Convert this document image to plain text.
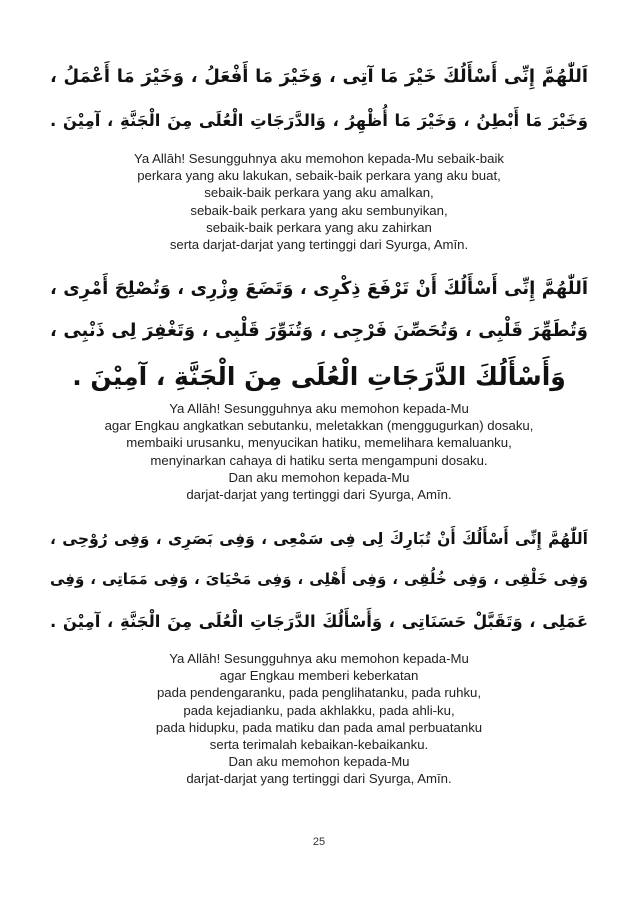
اَللّٰهُمَّ إِنِّى أَسْأَلُكَ خَيْرَ مَا آتِى ، وَخَيْرَ مَا أَفْعَلُ ، وَخَيْرَ مَا أَعْمَلُ ،
وَخَيْرَ مَا أَبْطِنُ ، وَخَيْرَ مَا أُظْهِرُ ، وَالدَّرَجَاتِ الْعُلَى مِنَ الْجَنَّةِ ، آمِيْنَ .
Ya Allāh! Sesungguhnya aku memohon kepada-Mu sebaik-baik
perkara yang aku lakukan, sebaik-baik perkara yang aku buat,
sebaik-baik perkara yang aku amalkan,
sebaik-baik perkara yang aku sembunyikan,
sebaik-baik perkara yang aku zahirkan
serta darjat-darjat yang tertinggi dari Syurga, Amīn.
اَللّٰهُمَّ إِنِّى أَسْأَلُكَ أَنْ تَرْفَعَ ذِكْرِى ، وَتَضَعَ وِزْرِى ، وَتُصْلِحَ أَمْرِى ،
وَتُطَهِّرَ قَلْبِى ، وَتُحَصِّنَ فَرْجِى ، وَتُنَوِّرَ قَلْبِى ، وَتَغْفِرَ لِى ذَنْبِى ،
وَأَسْأَلُكَ الدَّرَجَاتِ الْعُلَى مِنَ الْجَنَّةِ ، آمِيْنَ .
Ya Allāh! Sesungguhnya aku memohon kepada-Mu
agar Engkau angkatkan sebutanku, meletakkan (menggugurkan) dosaku,
membaiki urusanku, menyucikan hatiku, memelihara kemaluanku,
menyinarkan cahaya di hatiku serta mengampuni dosaku.
Dan aku memohon kepada-Mu
darjat-darjat yang tertinggi dari Syurga, Amīn.
اَللّٰهُمَّ إِنِّى أَسْأَلُكَ أَنْ تُبَارِكَ لِى فِى سَمْعِى ، وَفِى بَصَرِى ، وَفِى رُوْحِى ،
وَفِى خَلْقِى ، وَفِى خُلُقِى ، وَفِى أَهْلِى ، وَفِى مَحْيَاىَ ، وَفِى مَمَاتِى ، وَفِى
عَمَلِى ، وَتَقَبَّلْ حَسَنَاتِى ، وَأَسْأَلُكَ الدَّرَجَاتِ الْعُلَى مِنَ الْجَنَّةِ ، آمِيْنَ .
Ya Allāh! Sesungguhnya aku memohon kepada-Mu
agar Engkau memberi keberkatan
pada pendengaranku, pada penglihatanku, pada ruhku,
pada kejadianku, pada akhlakku, pada ahli-ku,
pada hidupku, pada matiku dan pada amal perbuatanku
serta terimalah kebaikan-kebaikanku.
Dan aku memohon kepada-Mu
darjat-darjat yang tertinggi dari Syurga, Amīn.
25
